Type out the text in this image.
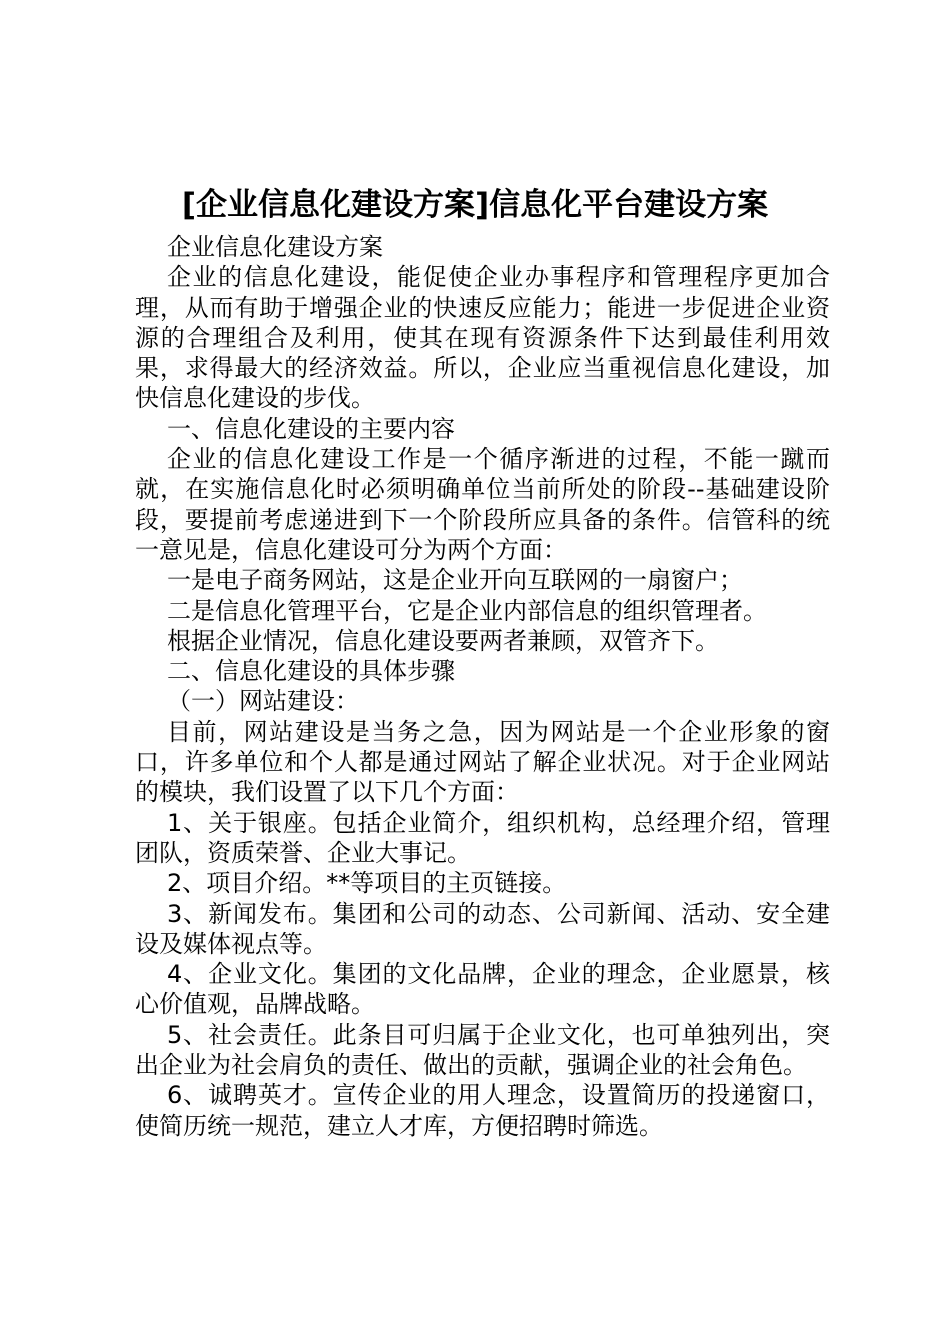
[企业信息化建设方案]信息化平台建设方案

企业信息化建设方案

企业的信息化建设，能促使企业办事程序和管理程序更加合理，从而有助于增强企业的快速反应能力；能进一步促进企业资源的合理组合及利用，使其在现有资源条件下达到最佳利用效果，求得最大的经济效益。所以，企业应当重视信息化建设，加快信息化建设的步伐。

一、信息化建设的主要内容

企业的信息化建设工作是一个循序渐进的过程，不能一蹴而就，在实施信息化时必须明确单位当前所处的阶段--基础建设阶段，要提前考虑递进到下一个阶段所应具备的条件。信管科的统一意见是，信息化建设可分为两个方面：

一是电子商务网站，这是企业开向互联网的一扇窗户；

二是信息化管理平台，它是企业内部信息的组织管理者。

根据企业情况，信息化建设要两者兼顾，双管齐下。

二、信息化建设的具体步骤

（一）网站建设：

目前，网站建设是当务之急，因为网站是一个企业形象的窗口，许多单位和个人都是通过网站了解企业状况。对于企业网站的模块，我们设置了以下几个方面：

1、关于银座。包括企业简介，组织机构，总经理介绍，管理团队，资质荣誉、企业大事记。

2、项目介绍。**等项目的主页链接。

3、新闻发布。集团和公司的动态、公司新闻、活动、安全建设及媒体视点等。

4、企业文化。集团的文化品牌，企业的理念，企业愿景，核心价值观，品牌战略。

5、社会责任。此条目可归属于企业文化，也可单独列出，突出企业为社会肩负的责任、做出的贡献，强调企业的社会角色。

6、诚聘英才。宣传企业的用人理念，设置简历的投递窗口，使简历统一规范，建立人才库，方便招聘时筛选。
